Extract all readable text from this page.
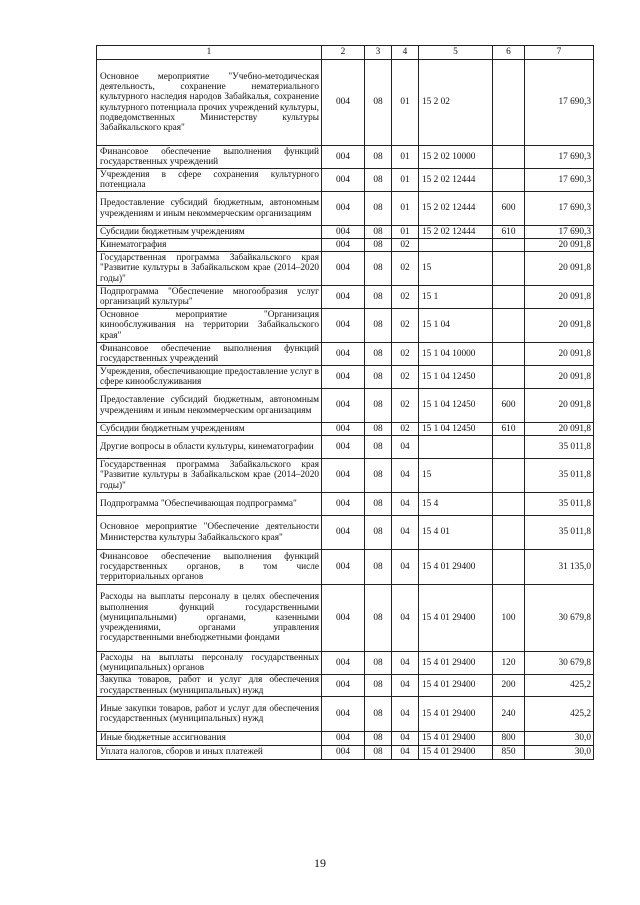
1	2	3	4	5	6	7
Основное мероприятие "Учебно-методическая деятельность, сохранение нематериального культурного наследия народов Забайкалья, сохранение культурного потенциала прочих учреждений культуры, подведомственных Министерству культуры Забайкальского края"	004	08	01	15 2 02		17 690,3
Финансовое обеспечение выполнения функций государственных учреждений	004	08	01	15 2 02 10000		17 690,3
Учреждения в сфере сохранения культурного потенциала	004	08	01	15 2 02 12444		17 690,3
Предоставление субсидий бюджетным, автономным учреждениям и иным некоммерческим организациям	004	08	01	15 2 02 12444	600	17 690,3
Субсидии бюджетным учреждениям	004	08	01	15 2 02 12444	610	17 690,3
Кинематография	004	08	02			20 091,8
Государственная программа Забайкальского края "Развитие культуры в Забайкальском крае (2014–2020 годы)"	004	08	02	15		20 091,8
Подпрограмма "Обеспечение многообразия услуг организаций культуры"	004	08	02	15 1		20 091,8
Основное мероприятие "Организация кинообслуживания на территории Забайкальского края"	004	08	02	15 1 04		20 091,8
Финансовое обеспечение выполнения функций государственных учреждений	004	08	02	15 1 04 10000		20 091,8
Учреждения, обеспечивающие предоставление услуг в сфере кинообслуживания	004	08	02	15 1 04 12450		20 091,8
Предоставление субсидий бюджетным, автономным учреждениям и иным некоммерческим организациям	004	08	02	15 1 04 12450	600	20 091,8
Субсидии бюджетным учреждениям	004	08	02	15 1 04 12450	610	20 091,8
Другие вопросы в области культуры, кинематографии	004	08	04			35 011,8
Государственная программа Забайкальского края "Развитие культуры в Забайкальском крае (2014–2020 годы)"	004	08	04	15		35 011,8
Подпрограмма "Обеспечивающая подпрограмма"	004	08	04	15 4		35 011,8
Основное мероприятие "Обеспечение деятельности Министерства культуры Забайкальского края"	004	08	04	15 4 01		35 011,8
Финансовое обеспечение выполнения функций государственных органов, в том числе территориальных органов	004	08	04	15 4 01 29400		31 135,0
Расходы на выплаты персоналу в целях обеспечения выполнения функций государственными (муниципальными) органами, казенными учреждениями, органами управления государственными внебюджетными фондами	004	08	04	15 4 01 29400	100	30 679,8
Расходы на выплаты персоналу государственных (муниципальных) органов	004	08	04	15 4 01 29400	120	30 679,8
Закупка товаров, работ и услуг для обеспечения государственных (муниципальных) нужд	004	08	04	15 4 01 29400	200	425,2
Иные закупки товаров, работ и услуг для обеспечения государственных (муниципальных) нужд	004	08	04	15 4 01 29400	240	425,2
Иные бюджетные ассигнования	004	08	04	15 4 01 29400	800	30,0
Уплата налогов, сборов и иных платежей	004	08	04	15 4 01 29400	850	30,0
19
